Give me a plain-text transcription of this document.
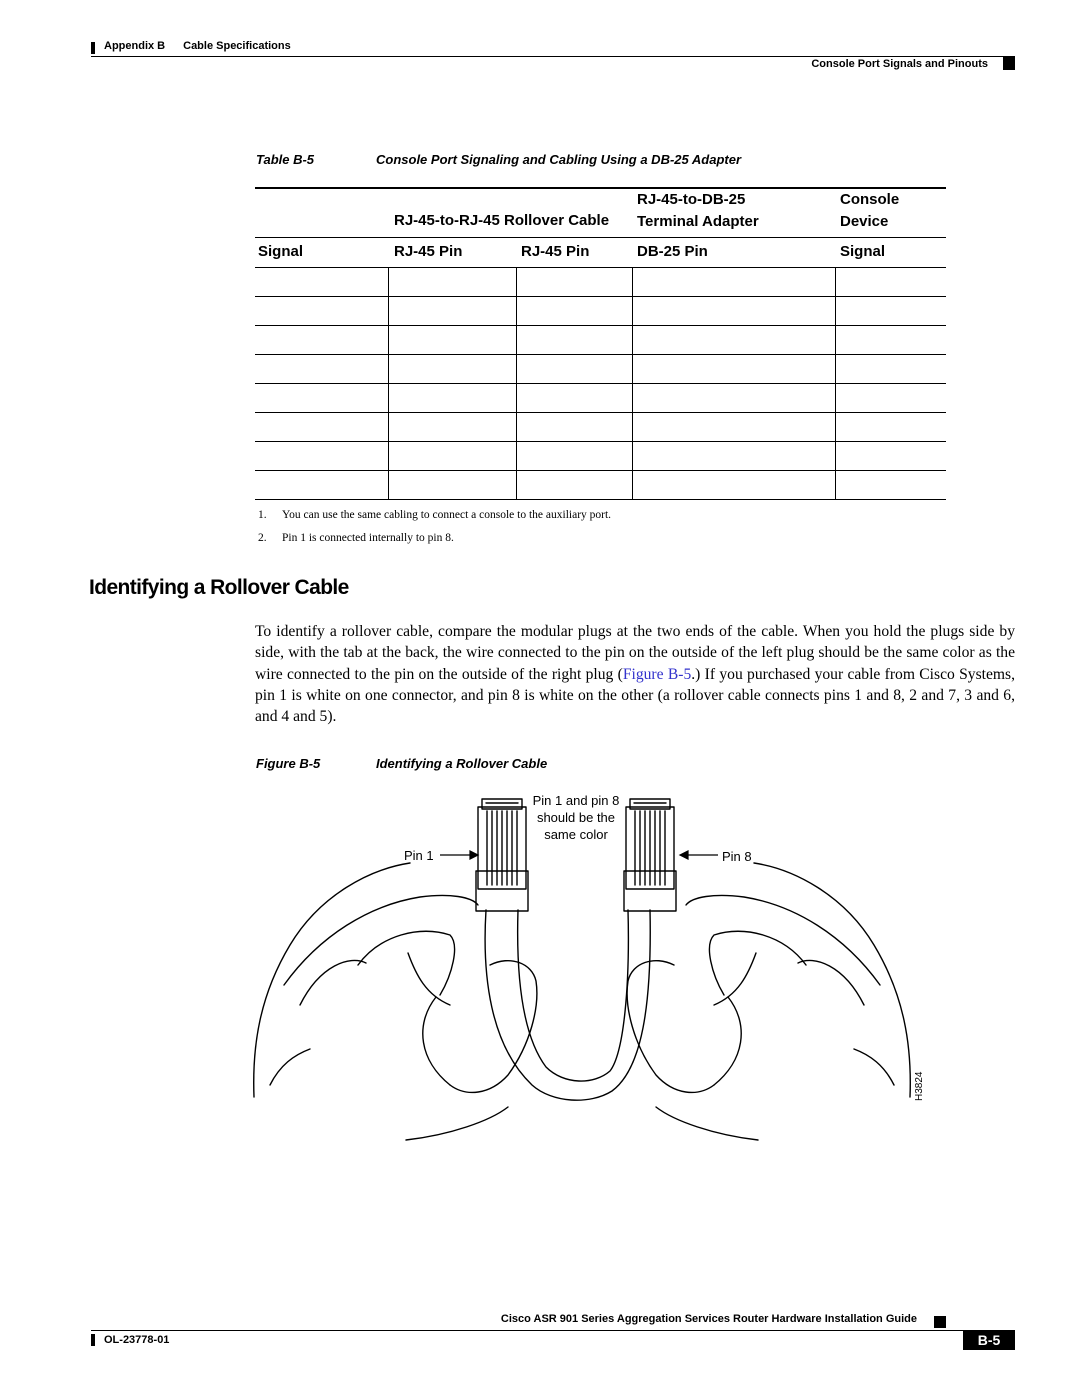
Appendix B Cable Specifications
Console Port Signals and Pinouts
Table B-5	Console Port Signaling and Cabling Using a DB-25 Adapter
RJ-45-to-RJ-45 Rollover Cable
RJ-45-to-DB-25
Terminal Adapter
Console
Device
Signal	RJ-45 Pin	RJ-45 Pin	DB-25 Pin	Signal
1. You can use the same cabling to connect a console to the auxiliary port.
2. Pin 1 is connected internally to pin 8.
Identifying a Rollover Cable
To identify a rollover cable, compare the modular plugs at the two ends of the cable. When you hold the plugs side by side, with the tab at the back, the wire connected to the pin on the outside of the left plug should be the same color as the wire connected to the pin on the outside of the right plug (Figure B-5.) If you purchased your cable from Cisco Systems, pin 1 is white on one connector, and pin 8 is white on the other (a rollover cable connects pins 1 and 8, 2 and 7, 3 and 6, and 4 and 5).
Figure B-5	Identifying a Rollover Cable
Pin 1 and pin 8
should be the
same color
Pin 1	Pin 8
H3824
Cisco ASR 901 Series Aggregation Services Router Hardware Installation Guide
OL-23778-01	B-5
